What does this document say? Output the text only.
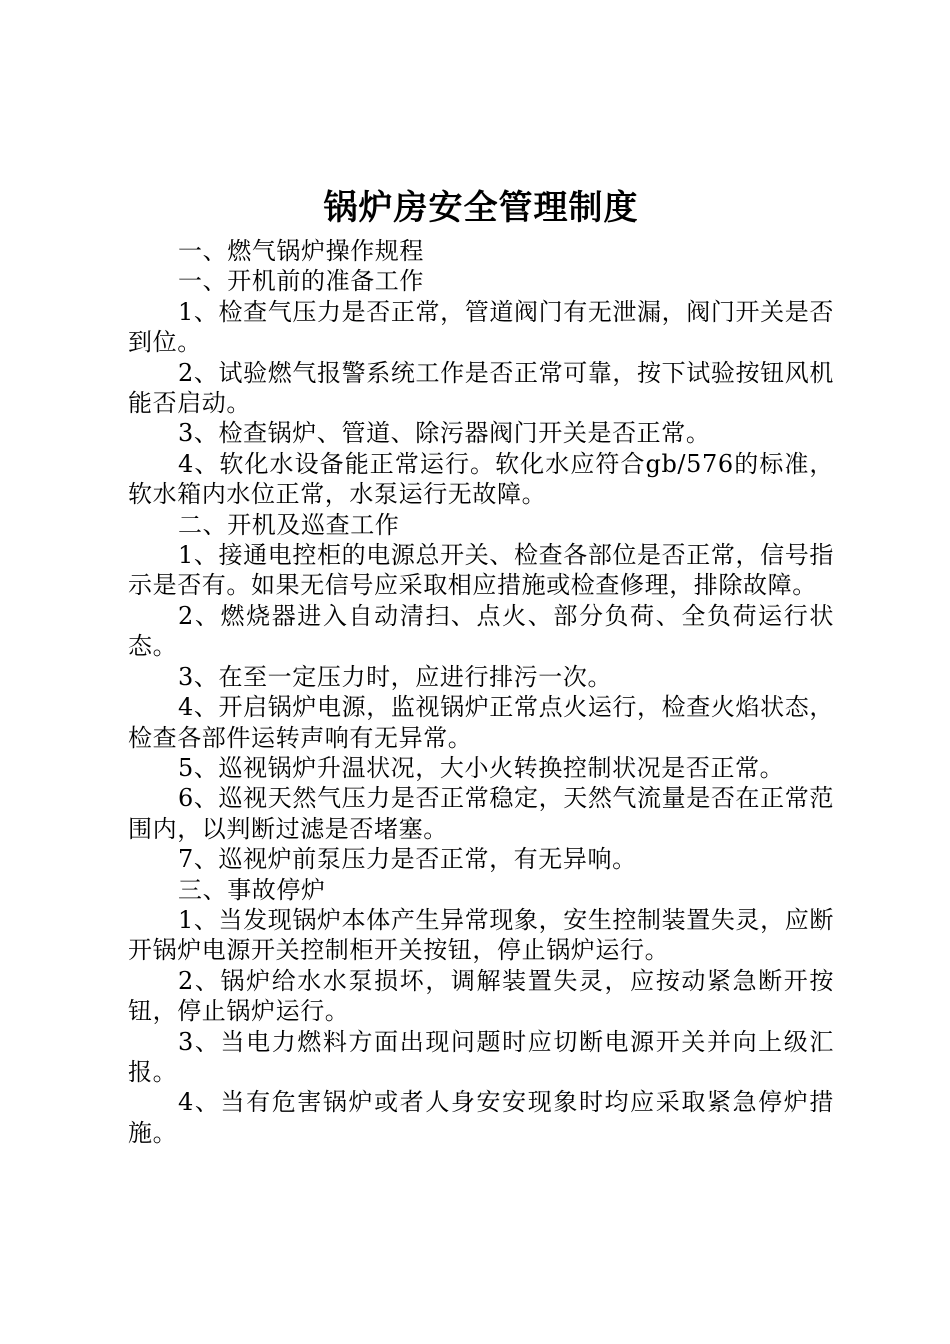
锅炉房安全管理制度

一、燃气锅炉操作规程

一、开机前的准备工作

1、检查气压力是否正常，管道阀门有无泄漏，阀门开关是否到位。

2、试验燃气报警系统工作是否正常可靠，按下试验按钮风机能否启动。

3、检查锅炉、管道、除污器阀门开关是否正常。

4、软化水设备能正常运行。软化水应符合gb/576的标准，软水箱内水位正常，水泵运行无故障。

二、开机及巡查工作

1、接通电控柜的电源总开关、检查各部位是否正常，信号指示是否有。如果无信号应采取相应措施或检查修理，排除故障。

2、燃烧器进入自动清扫、点火、部分负荷、全负荷运行状态。

3、在至一定压力时，应进行排污一次。

4、开启锅炉电源，监视锅炉正常点火运行，检查火焰状态，检查各部件运转声响有无异常。

5、巡视锅炉升温状况，大小火转换控制状况是否正常。

6、巡视天然气压力是否正常稳定，天然气流量是否在正常范围内，以判断过滤是否堵塞。

7、巡视炉前泵压力是否正常，有无异响。

三、事故停炉

1、当发现锅炉本体产生异常现象，安生控制装置失灵，应断开锅炉电源开关控制柜开关按钮，停止锅炉运行。

2、锅炉给水水泵损坏，调解装置失灵，应按动紧急断开按钮，停止锅炉运行。

3、当电力燃料方面出现问题时应切断电源开关并向上级汇报。

4、当有危害锅炉或者人身安安现象时均应采取紧急停炉措施。
